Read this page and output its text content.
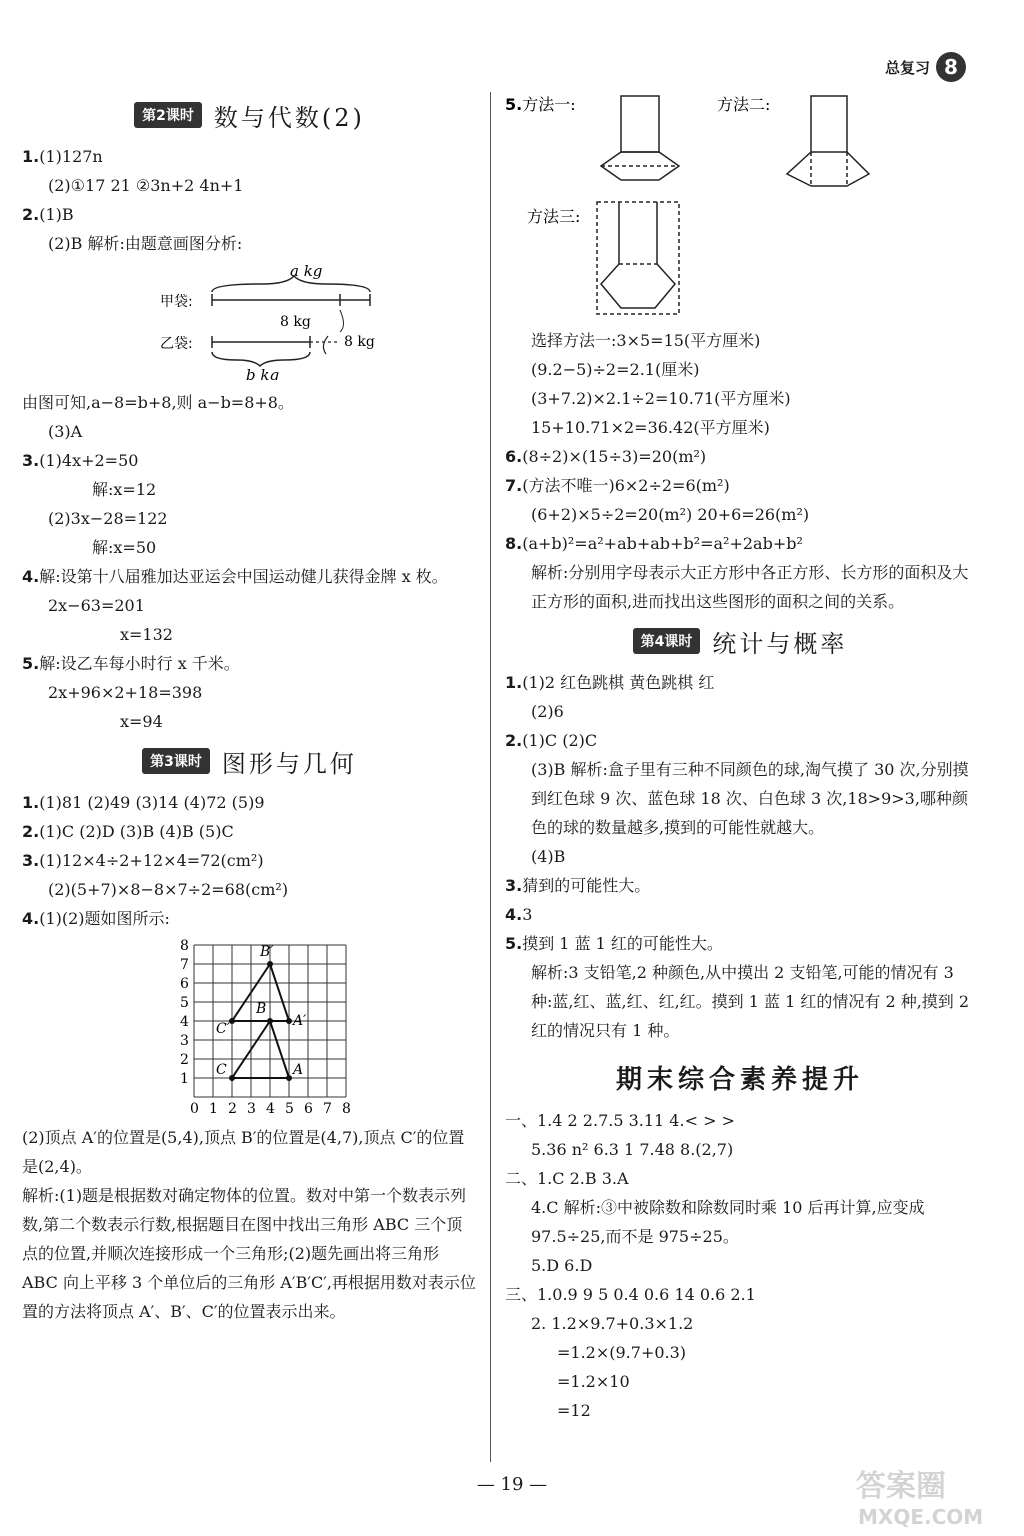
总复习 8
第2课时 数与代数(2)
1.(1)127n
(2)①17 21 ②3n+2 4n+1
2.(1)B
(2)B 解析:由题意画图分析:
a kg
甲袋:
8 kg
8 kg
乙袋:
b kg
由图可知,a−8=b+8,则 a−b=8+8。
(3)A
3.(1)4x+2=50
解:x=12
(2)3x−28=122
解:x=50
4.解:设第十八届雅加达亚运会中国运动健儿获得金牌 x 枚。
2x−63=201
x=132
5.解:设乙车每小时行 x 千米。
2x+96×2+18=398
x=94
第3课时 图形与几何
1.(1)81 (2)49 (3)14 (4)72 (5)9
2.(1)C (2)D (3)B (4)B (5)C
3.(1)12×4÷2+12×4=72(cm²)
(2)(5+7)×8−8×7÷2=68(cm²)
4.(1)(2)题如图所示:
8
7
6
5
4
3
2
1
0 1 2 3 4 5 6 7 8
A
B
C
A′
B′
C′
(2)顶点 A′的位置是(5,4),顶点 B′的位置是(4,7),顶点 C′的位置是(2,4)。
解析:(1)题是根据数对确定物体的位置。数对中第一个数表示列数,第二个数表示行数,根据题目在图中找出三角形 ABC 三个顶点的位置,并顺次连接形成一个三角形;(2)题先画出将三角形 ABC 向上平移 3 个单位后的三角形 A′B′C′,再根据用数对表示位置的方法将顶点 A′、B′、C′的位置表示出来。
5.方法一:	方法二:
方法三:
选择方法一:3×5=15(平方厘米)
(9.2−5)÷2=2.1(厘米)
(3+7.2)×2.1÷2=10.71(平方厘米)
15+10.71×2=36.42(平方厘米)
6.(8÷2)×(15÷3)=20(m²)
7.(方法不唯一)6×2÷2=6(m²)
(6+2)×5÷2=20(m²) 20+6=26(m²)
8.(a+b)²=a²+ab+ab+b²=a²+2ab+b²
解析:分别用字母表示大正方形中各正方形、长方形的面积及大正方形的面积,进而找出这些图形的面积之间的关系。
第4课时 统计与概率
1.(1)2 红色跳棋 黄色跳棋 红
(2)6
2.(1)C (2)C
(3)B 解析:盒子里有三种不同颜色的球,淘气摸了 30 次,分别摸到红色球 9 次、蓝色球 18 次、白色球 3 次,18>9>3,哪种颜色的球的数量越多,摸到的可能性就越大。
(4)B
3.猜到的可能性大。
4.3
5.摸到 1 蓝 1 红的可能性大。
解析:3 支铅笔,2 种颜色,从中摸出 2 支铅笔,可能的情况有 3 种:蓝,红、蓝,红、红,红。摸到 1 蓝 1 红的情况有 2 种,摸到 2 红的情况只有 1 种。
期末综合素养提升
一、1.4 2 2.7.5 3.11 4.< > >
5.36 n² 6.3 1 7.48 8.(2,7)
二、1.C 2.B 3.A
4.C 解析:③中被除数和除数同时乘 10 后再计算,应变成 97.5÷25,而不是 975÷25。
5.D 6.D
三、1.0.9 9 5 0.4 0.6 14 0.6 2.1
2. 1.2×9.7+0.3×1.2
=1.2×(9.7+0.3)
=1.2×10
=12
— 19 —	答案圈
MXQE.COM
